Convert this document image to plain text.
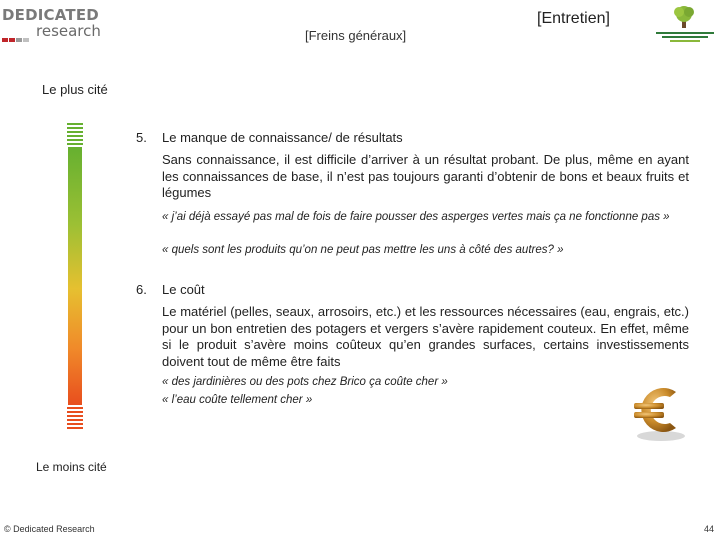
DEDICATED
research	[Freins généraux]
[Entretien]
Le plus cité
5. Le manque de connaissance/ de résultats
Sans connaissance, il est difficile d’arriver à un résultat probant. De plus, même en ayant les connaissances de base, il n’est pas toujours garanti d’obtenir de bons et beaux fruits et légumes
« j’ai déjà essayé pas mal de fois de faire pousser des asperges vertes mais ça ne fonctionne pas »
« quels sont les produits qu’on ne peut pas mettre les uns à côté des autres? »
6. Le coût
Le matériel (pelles, seaux, arrosoirs, etc.) et les ressources nécessaires (eau, engrais, etc.) pour un bon entretien des potagers et vergers s’avère rapidement couteux. En effet, même si le produit s’avère moins coûteux qu’en grandes surfaces, certains investissements doivent tout de même être faits
« des jardinières ou des pots chez Brico ça coûte cher »
« l’eau coûte tellement cher »
Le moins cité
© Dedicated Research	44
